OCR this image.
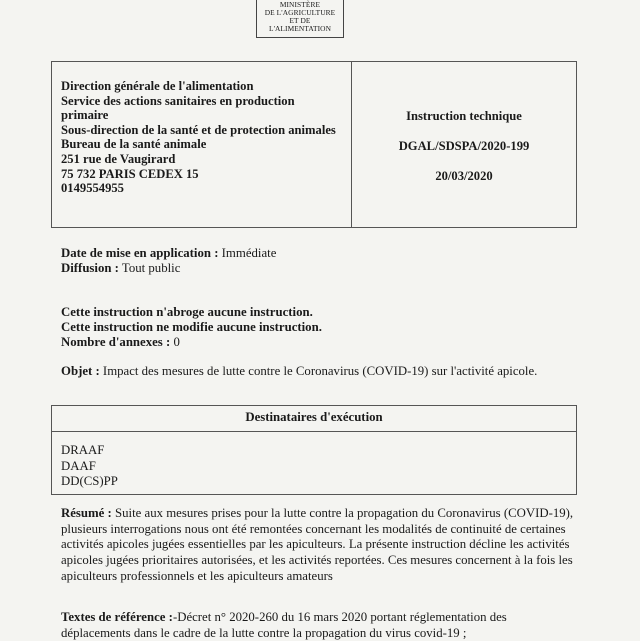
MINISTÈRE
DE L'AGRICULTURE
ET DE
L'ALIMENTATION
Direction générale de l'alimentation
Service des actions sanitaires en production
primaire
Sous-direction de la santé et de protection animales
Bureau de la santé animale
251 rue de Vaugirard
75 732 PARIS CEDEX 15
0149554955
Instruction technique
DGAL/SDSPA/2020-199
20/03/2020
Date de mise en application : Immédiate
Diffusion : Tout public
Cette instruction n'abroge aucune instruction.
Cette instruction ne modifie aucune instruction.
Nombre d'annexes : 0
Objet : Impact des mesures de lutte contre le Coronavirus (COVID-19) sur l'activité apicole.
Destinataires d'exécution
DRAAF
DAAF
DD(CS)PP
Résumé : Suite aux mesures prises pour la lutte contre la propagation du Coronavirus (COVID-19),
plusieurs interrogations nous ont été remontées concernant les modalités de continuité de certaines
activités apicoles jugées essentielles par les apiculteurs. La présente instruction décline les activités
apicoles jugées prioritaires autorisées, et les activités reportées. Ces mesures concernent à la fois les
apiculteurs professionnels et les apiculteurs amateurs
Textes de référence :-Décret n° 2020-260 du 16 mars 2020 portant réglementation des
déplacements dans le cadre de la lutte contre la propagation du virus covid-19 ;
